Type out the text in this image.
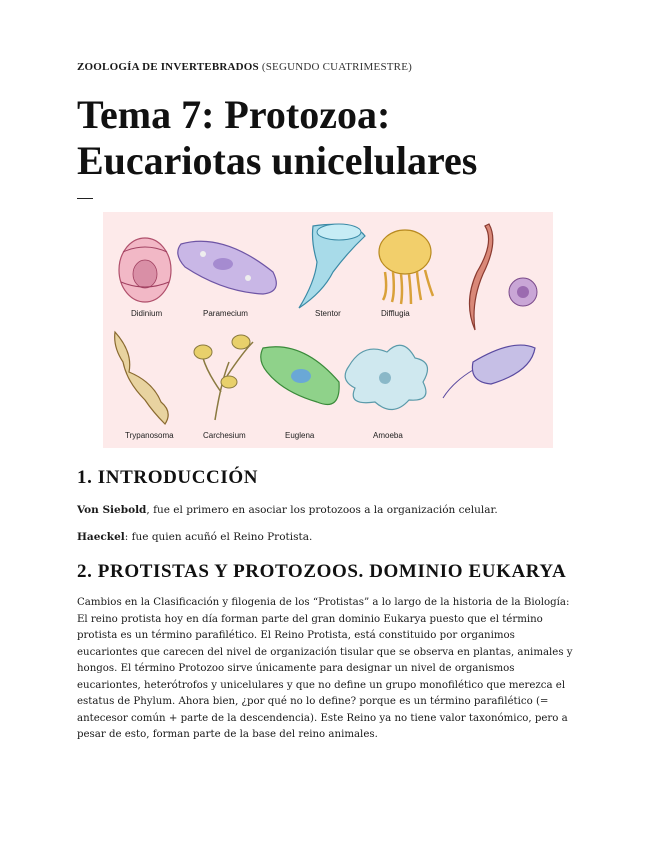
ZOOLOGÍA DE INVERTEBRADOS (SEGUNDO CUATRIMESTRE)
Tema 7: Protozoa:
Eucariotas unicelulares
Didinium	Paramecium	Stentor	Difflugia
Trypanosoma	Carchesium	Euglena	Amoeba
1. INTRODUCCIÓN

Von Siebold, fue el primero en asociar los protozoos a la organización celular.

Haeckel: fue quien acuñó el Reino Protista.

2. PROTISTAS Y PROTOZOOS. DOMINIO EUKARYA

Cambios en la Clasificación y filogenia de los “Protistas” a lo largo de la historia de la Biología:
El reino protista hoy en día forman parte del gran dominio Eukarya puesto que el término
protista es un término parafilético. El Reino Protista, está constituido por organimos
eucariontes que carecen del nivel de organización tisular que se observa en plantas, animales y
hongos. El término Protozoo sirve únicamente para designar un nivel de organismos
eucariontes, heterótrofos y unicelulares y que no define un grupo monofilético que merezca el
estatus de Phylum. Ahora bien, ¿por qué no lo define? porque es un término parafilético (=
antecesor común + parte de la descendencia). Este Reino ya no tiene valor taxonómico, pero a
pesar de esto, forman parte de la base del reino animales.
